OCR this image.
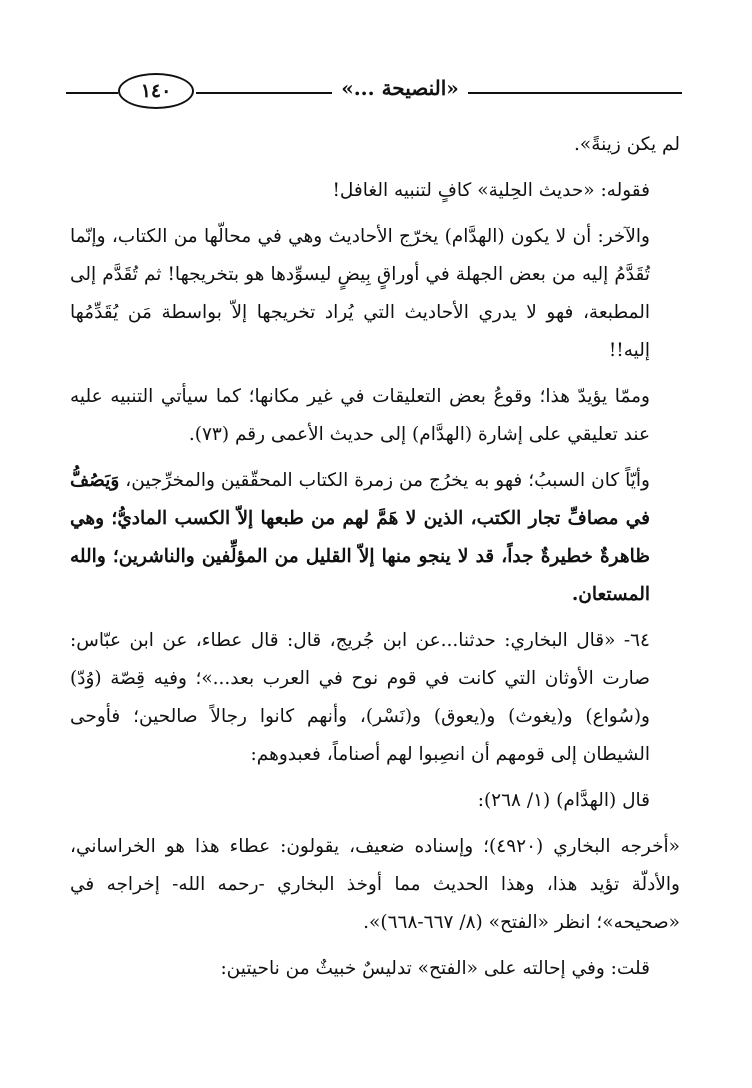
١٤٠	«النصيحة ...»

لم يكن زينةً».

فقوله: «حديث الحِلية» كافٍ لتنبيه الغافل!

والآخر: أن لا يكون (الهدَّام) يخرّج الأحاديث وهي في محالّها من الكتاب، وإنّما تُقَدَّمُ إليه من بعض الجهلة في أوراقٍ بِيضٍ ليسوِّدها هو بتخريجها! ثم تُقَدَّم إلى المطبعة، فهو لا يدري الأحاديث التي يُراد تخريجها إلاّ بواسطة مَن يُقَدِّمُها إليه!!

وممّا يؤيدّ هذا؛ وقوعُ بعض التعليقات في غير مكانها؛ كما سيأتي التنبيه عليه عند تعليقي على إشارة (الهدَّام) إلى حديث الأعمى رقم (٧٣).

وأيّاً كان السببُ؛ فهو به يخرُج من زمرة الكتاب المحقّقين والمخرِّجين، وَيَصُفُّ في مصافِّ تجار الكتب، الذين لا هَمَّ لهم من طبعها إلاّ الكسب الماديُّ؛ وهي ظاهرةٌ خطيرةٌ جداً، قد لا ينجو منها إلاّ القليل من المؤلِّفين والناشرين؛ والله المستعان.

٦٤- «قال البخاري: حدثنا...عن ابن جُريج، قال: قال عطاء، عن ابن عبّاس: صارت الأوثان التي كانت في قوم نوح في العرب بعد...»؛ وفيه قِصّة (وُدّ) و(سُواع) و(يغوث) و(يعوق) و(نَسْر)، وأنهم كانوا رجالاً صالحين؛ فأوحى الشيطان إلى قومهم أن انصِبوا لهم أصناماً، فعبدوهم:

قال (الهدَّام) (١/ ٢٦٨):

«أخرجه البخاري (٤٩٢٠)؛ وإسناده ضعيف، يقولون: عطاء هذا هو الخراساني، والأدلّة تؤيد هذا، وهذا الحديث مما أوخذ البخاري -رحمه الله- إخراجه في «صحيحه»؛ انظر «الفتح» (٨/ ٦٦٧-٦٦٨)».

قلت: وفي إحالته على «الفتح» تدليسٌ خبيثٌ من ناحيتين:
